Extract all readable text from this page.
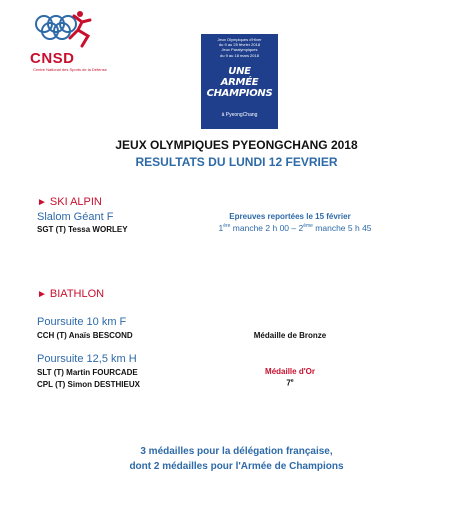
CNSD
Centre National des Sports de la Défense
Jeux Olympiques d'Hiver
du 9 au 25 février 2018
Jeux Paralympiques
du 9 au 18 mars 2018
UNE
ARMÉE
CHAMPIONS
à PyeongChang
JEUX OLYMPIQUES PYEONGCHANG 2018
RESULTATS DU LUNDI 12 FEVRIER
► SKI ALPIN
Slalom Géant F	Epreuves reportées le 15 février
SGT (T) Tessa WORLEY	1ère manche 2 h 00 – 2ème manche 5 h 45
► BIATHLON
Poursuite 10 km F
CCH (T) Anaïs BESCOND	Médaille de Bronze
Poursuite 12,5 km H
SLT (T) Martin FOURCADE	Médaille d'Or
CPL (T) Simon DESTHIEUX	7e
3 médailles pour la délégation française,
dont 2 médailles pour l'Armée de Champions
